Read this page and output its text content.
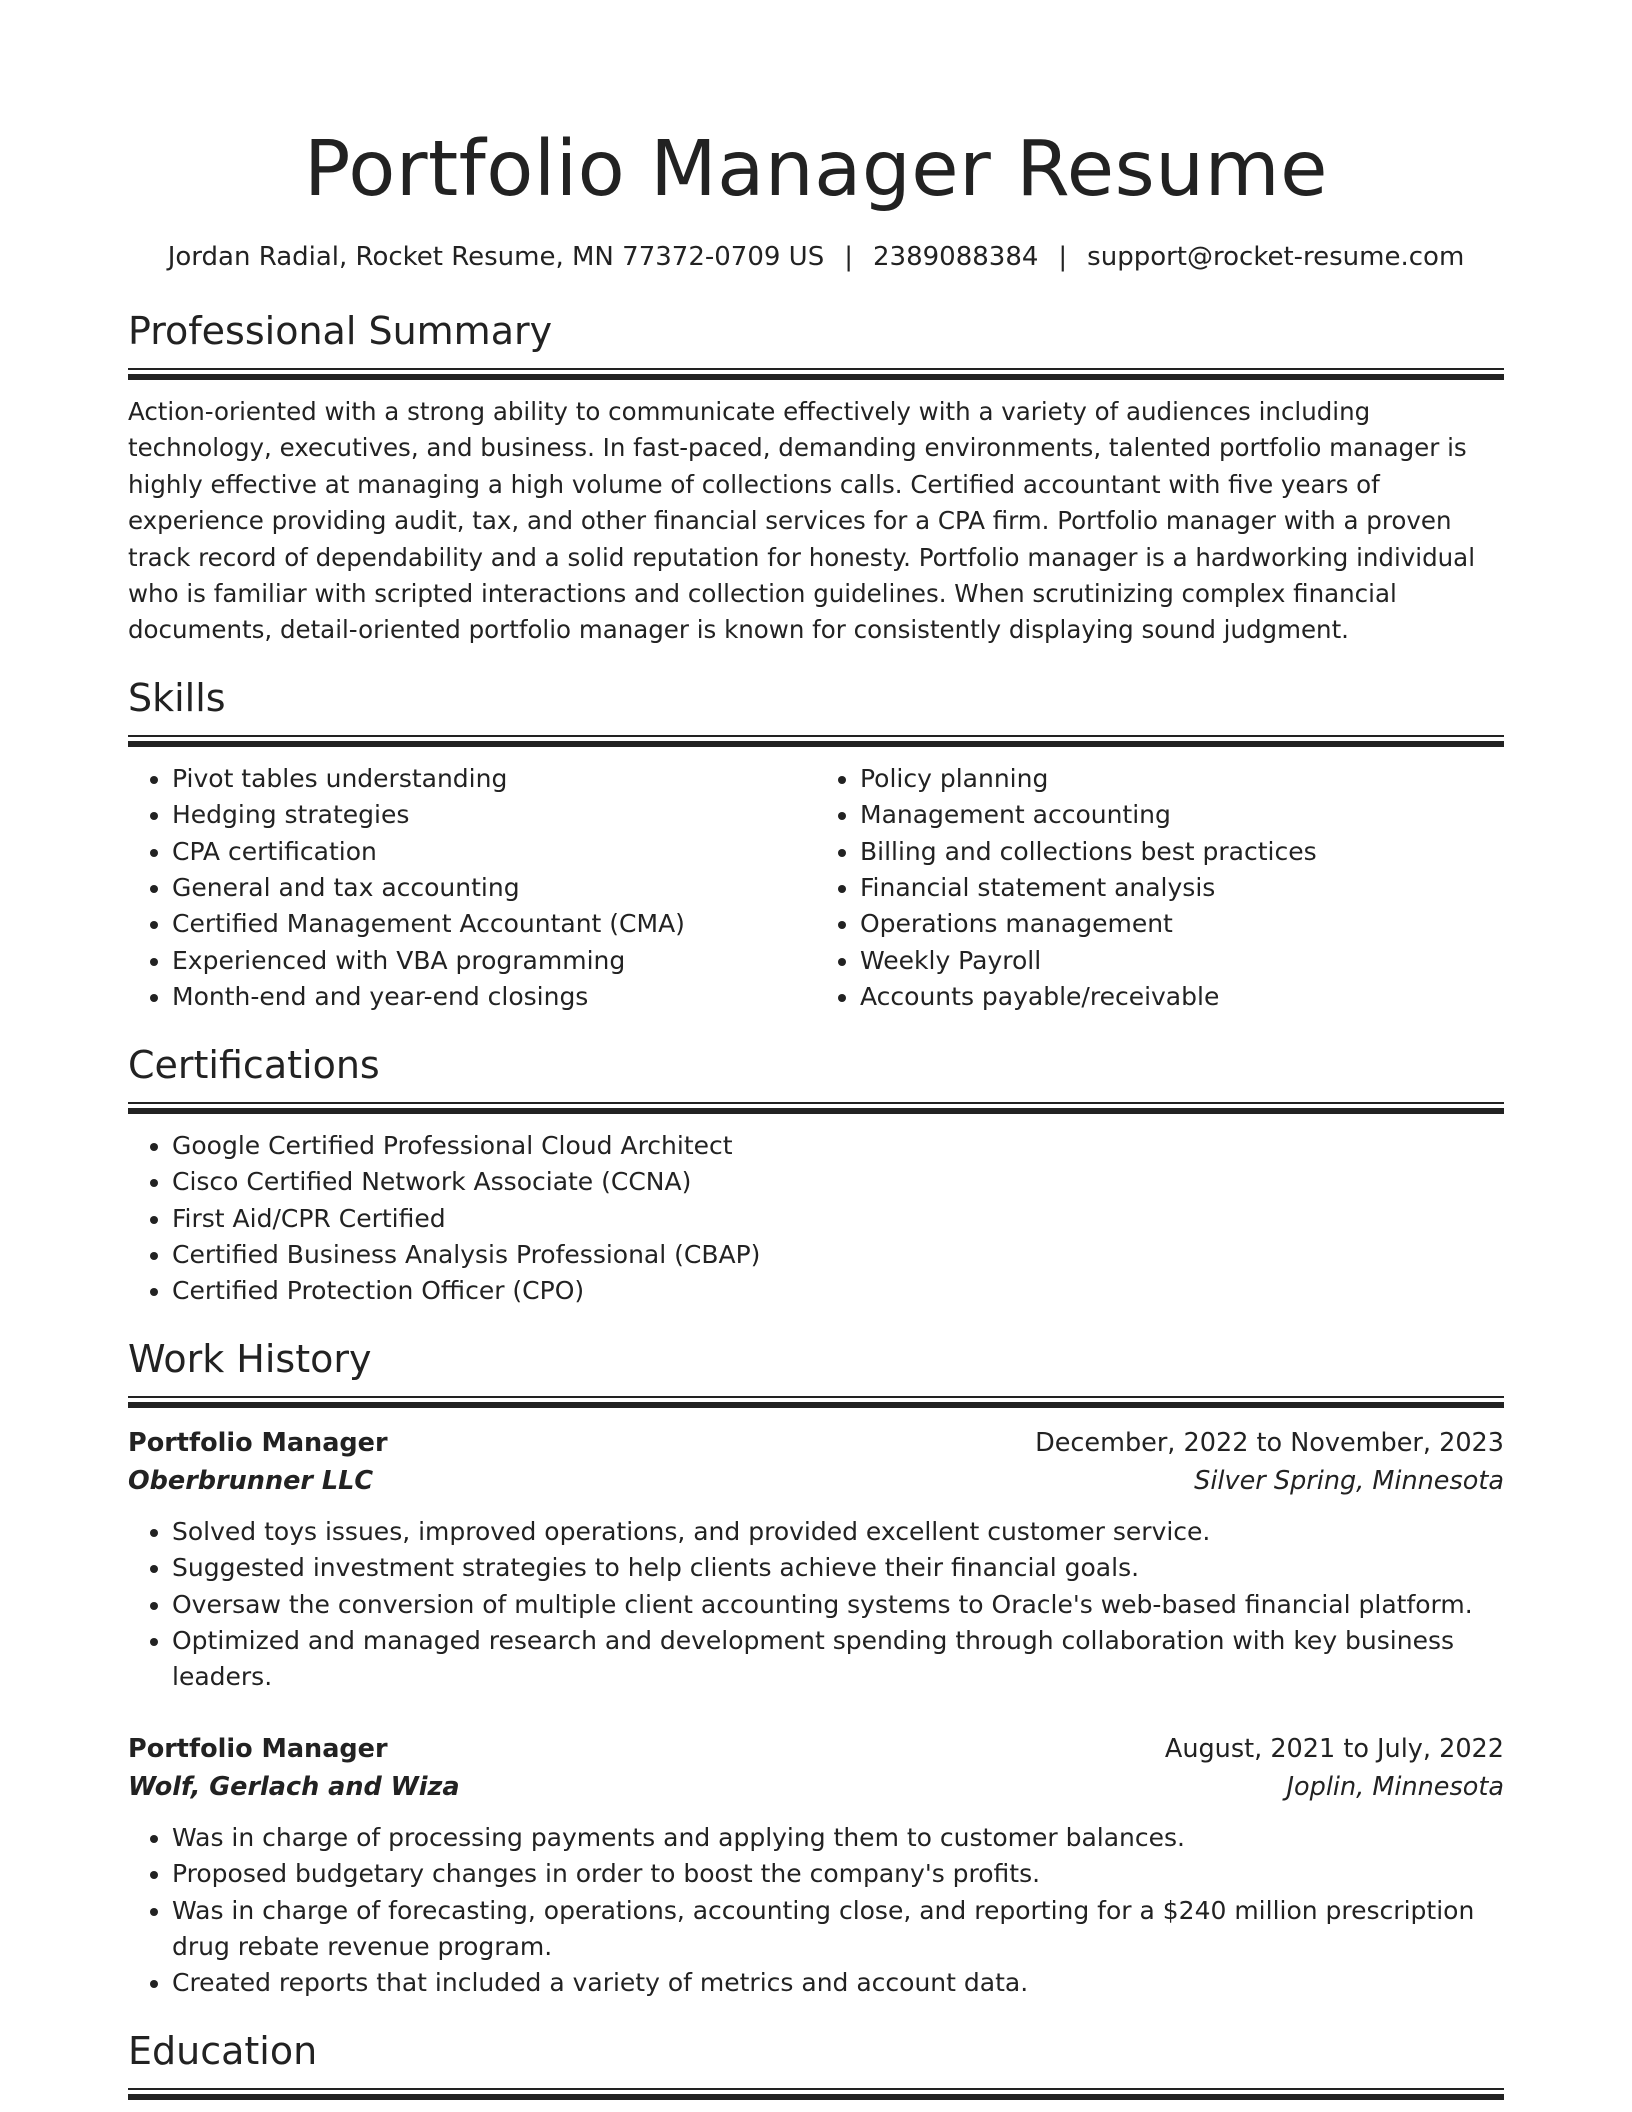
Portfolio Manager Resume
Jordan Radial, Rocket Resume, MN 77372-0709 US | 2389088384 | support@rocket-resume.com
Professional Summary
Action-oriented with a strong ability to communicate effectively with a variety of audiences including technology, executives, and business. In fast-paced, demanding environments, talented portfolio manager is highly effective at managing a high volume of collections calls. Certified accountant with five years of experience providing audit, tax, and other financial services for a CPA firm. Portfolio manager with a proven track record of dependability and a solid reputation for honesty. Portfolio manager is a hardworking individual who is familiar with scripted interactions and collection guidelines. When scrutinizing complex financial documents, detail-oriented portfolio manager is known for consistently displaying sound judgment.
Skills
• Pivot tables understanding
• Hedging strategies
• CPA certification
• General and tax accounting
• Certified Management Accountant (CMA)
• Experienced with VBA programming
• Month-end and year-end closings
• Policy planning
• Management accounting
• Billing and collections best practices
• Financial statement analysis
• Operations management
• Weekly Payroll
• Accounts payable/receivable
Certifications
• Google Certified Professional Cloud Architect
• Cisco Certified Network Associate (CCNA)
• First Aid/CPR Certified
• Certified Business Analysis Professional (CBAP)
• Certified Protection Officer (CPO)
Work History
Portfolio Manager	December, 2022 to November, 2023
Oberbrunner LLC	Silver Spring, Minnesota
• Solved toys issues, improved operations, and provided excellent customer service.
• Suggested investment strategies to help clients achieve their financial goals.
• Oversaw the conversion of multiple client accounting systems to Oracle's web-based financial platform.
• Optimized and managed research and development spending through collaboration with key business leaders.
Portfolio Manager	August, 2021 to July, 2022
Wolf, Gerlach and Wiza	Joplin, Minnesota
• Was in charge of processing payments and applying them to customer balances.
• Proposed budgetary changes in order to boost the company's profits.
• Was in charge of forecasting, operations, accounting close, and reporting for a $240 million prescription drug rebate revenue program.
• Created reports that included a variety of metrics and account data.
Education
